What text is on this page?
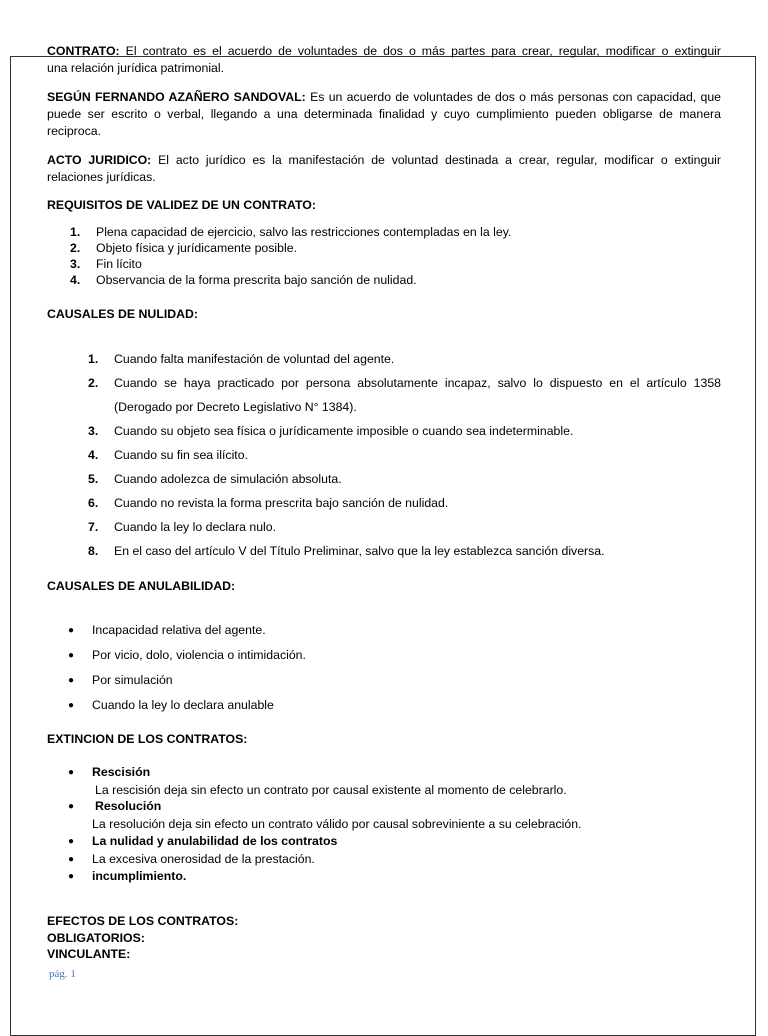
CONTRATO: El contrato es el acuerdo de voluntades de dos o más partes para crear, regular, modificar o extinguir

una relación jurídica patrimonial.

SEGÚN FERNANDO AZAÑERO SANDOVAL: Es un acuerdo de voluntades de dos o más personas con capacidad, que

puede ser escrito o verbal, llegando a una determinada finalidad y cuyo cumplimiento pueden obligarse de manera

reciproca.

ACTO JURIDICO: El acto jurídico es la manifestación de voluntad destinada a crear, regular, modificar o extinguir

relaciones jurídicas.

REQUISITOS DE VALIDEZ DE UN CONTRATO:
1. Plena capacidad de ejercicio, salvo las restricciones contempladas en la ley.
2. Objeto física y jurídicamente posible.
3. Fin lícito
4. Observancia de la forma prescrita bajo sanción de nulidad.
CAUSALES DE NULIDAD:
1. Cuando falta manifestación de voluntad del agente.
2. Cuando se haya practicado por persona absolutamente incapaz, salvo lo dispuesto en el artículo 1358
(Derogado por Decreto Legislativo N° 1384).
3. Cuando su objeto sea física o jurídicamente imposible o cuando sea indeterminable.
4. Cuando su fin sea ilícito.
5. Cuando adolezca de simulación absoluta.
6. Cuando no revista la forma prescrita bajo sanción de nulidad.
7. Cuando la ley lo declara nulo.
8. En el caso del artículo V del Título Preliminar, salvo que la ley establezca sanción diversa.
CAUSALES DE ANULABILIDAD:
● Incapacidad relativa del agente.
● Por vicio, dolo, violencia o intimidación.
● Por simulación
● Cuando la ley lo declara anulable
EXTINCION DE LOS CONTRATOS:
● Rescisión
La rescisión deja sin efecto un contrato por causal existente al momento de celebrarlo.
● Resolución
La resolución deja sin efecto un contrato válido por causal sobreviniente a su celebración.
● La nulidad y anulabilidad de los contratos
● La excesiva onerosidad de la prestación.
● incumplimiento.
EFECTOS DE LOS CONTRATOS:
OBLIGATORIOS:
VINCULANTE:
pág. 1
